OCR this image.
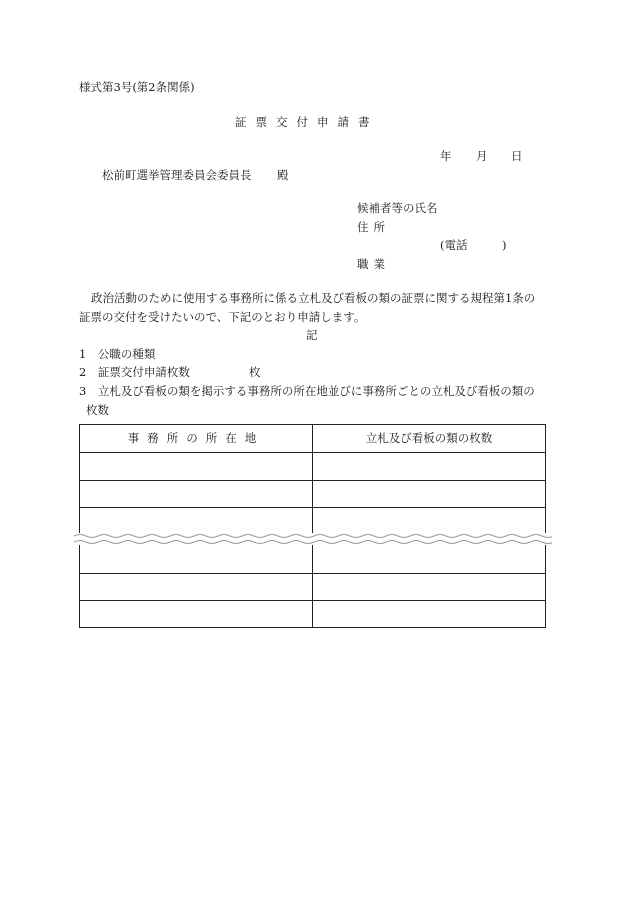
様式第3号(第2条関係)
証票交付申請書
年 月 日
松前町選挙管理委員会委員長 殿
候補者等の氏名
住所
(電話　　　)
職業
政治活動のために使用する事務所に係る立札及び看板の類の証票に関する規程第1条の
証票の交付を受けたいので、下記のとおり申請します。
記
1　公職の種類
2　証票交付申請枚数	枚
3　立札及び看板の類を掲示する事務所の所在地並びに事務所ごとの立札及び看板の類の
枚数
事務所の所在地	立札及び看板の類の枚数
